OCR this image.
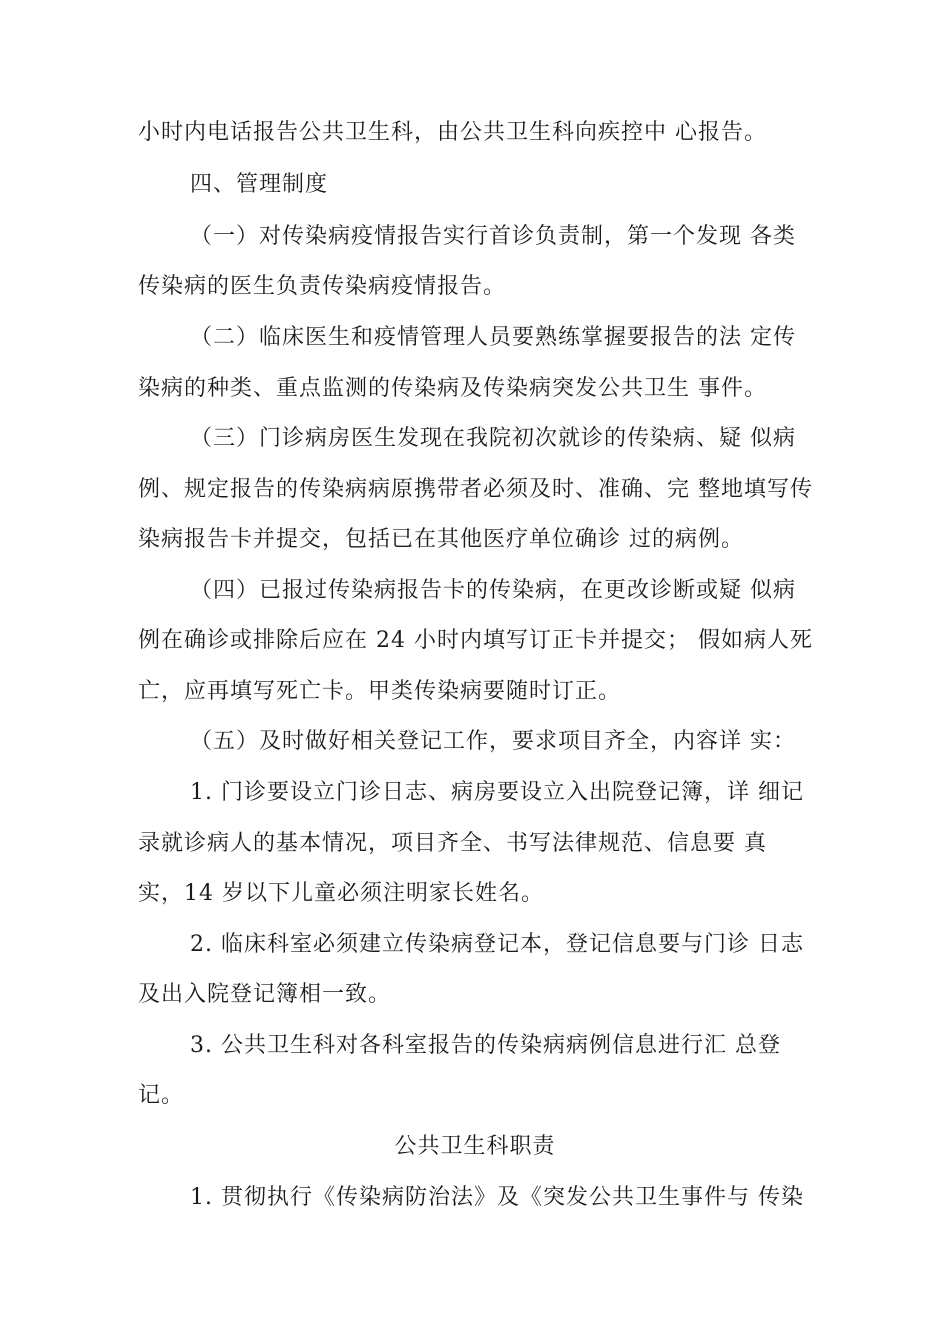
小时内电话报告公共卫生科，由公共卫生科向疾控中 心报告。
四、管理制度
（一）对传染病疫情报告实行首诊负责制，第一个发现 各类
传染病的医生负责传染病疫情报告。
（二）临床医生和疫情管理人员要熟练掌握要报告的法 定传
染病的种类、重点监测的传染病及传染病突发公共卫生 事件。
（三）门诊病房医生发现在我院初次就诊的传染病、疑 似病
例、规定报告的传染病病原携带者必须及时、准确、完 整地填写传
染病报告卡并提交，包括已在其他医疗单位确诊 过的病例。
（四）已报过传染病报告卡的传染病，在更改诊断或疑 似病
例在确诊或排除后应在 24 小时内填写订正卡并提交； 假如病人死
亡，应再填写死亡卡。甲类传染病要随时订正。
（五）及时做好相关登记工作，要求项目齐全，内容详 实：
1. 门诊要设立门诊日志、病房要设立入出院登记簿，详 细记
录就诊病人的基本情况，项目齐全、书写法律规范、信息要 真
实，14 岁以下儿童必须注明家长姓名。
2. 临床科室必须建立传染病登记本，登记信息要与门诊 日志
及出入院登记簿相一致。
3. 公共卫生科对各科室报告的传染病病例信息进行汇 总登
记。
公共卫生科职责
1. 贯彻执行《传染病防治法》及《突发公共卫生事件与 传染
